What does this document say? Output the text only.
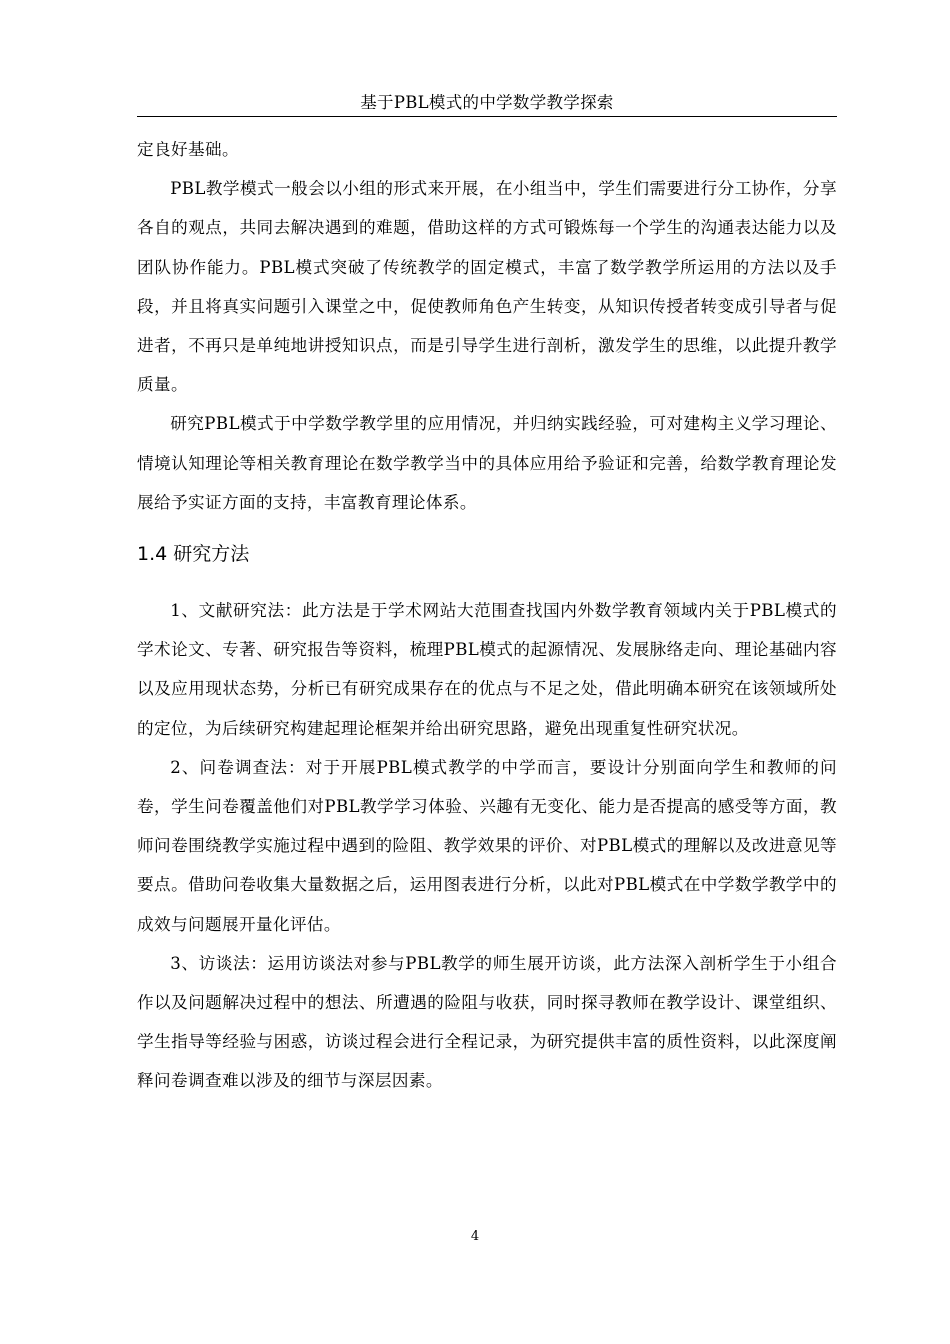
基于PBL模式的中学数学教学探索

定良好基础。

PBL教学模式一般会以小组的形式来开展，在小组当中，学生们需要进行分工协作，分享各自的观点，共同去解决遇到的难题，借助这样的方式可锻炼每一个学生的沟通表达能力以及团队协作能力。PBL模式突破了传统教学的固定模式，丰富了数学教学所运用的方法以及手段，并且将真实问题引入课堂之中，促使教师角色产生转变，从知识传授者转变成引导者与促进者，不再只是单纯地讲授知识点，而是引导学生进行剖析，激发学生的思维，以此提升教学质量。

研究PBL模式于中学数学教学里的应用情况，并归纳实践经验，可对建构主义学习理论、情境认知理论等相关教育理论在数学教学当中的具体应用给予验证和完善，给数学教育理论发展给予实证方面的支持，丰富教育理论体系。

1.4 研究方法

1、文献研究法：此方法是于学术网站大范围查找国内外数学教育领域内关于PBL模式的学术论文、专著、研究报告等资料，梳理PBL模式的起源情况、发展脉络走向、理论基础内容以及应用现状态势，分析已有研究成果存在的优点与不足之处，借此明确本研究在该领域所处的定位，为后续研究构建起理论框架并给出研究思路，避免出现重复性研究状况。

2、问卷调查法：对于开展PBL模式教学的中学而言，要设计分别面向学生和教师的问卷，学生问卷覆盖他们对PBL教学学习体验、兴趣有无变化、能力是否提高的感受等方面，教师问卷围绕教学实施过程中遇到的险阻、教学效果的评价、对PBL模式的理解以及改进意见等要点。借助问卷收集大量数据之后，运用图表进行分析，以此对PBL模式在中学数学教学中的成效与问题展开量化评估。

3、访谈法：运用访谈法对参与PBL教学的师生展开访谈，此方法深入剖析学生于小组合作以及问题解决过程中的想法、所遭遇的险阻与收获，同时探寻教师在教学设计、课堂组织、学生指导等经验与困惑，访谈过程会进行全程记录，为研究提供丰富的质性资料，以此深度阐释问卷调查难以涉及的细节与深层因素。

4
